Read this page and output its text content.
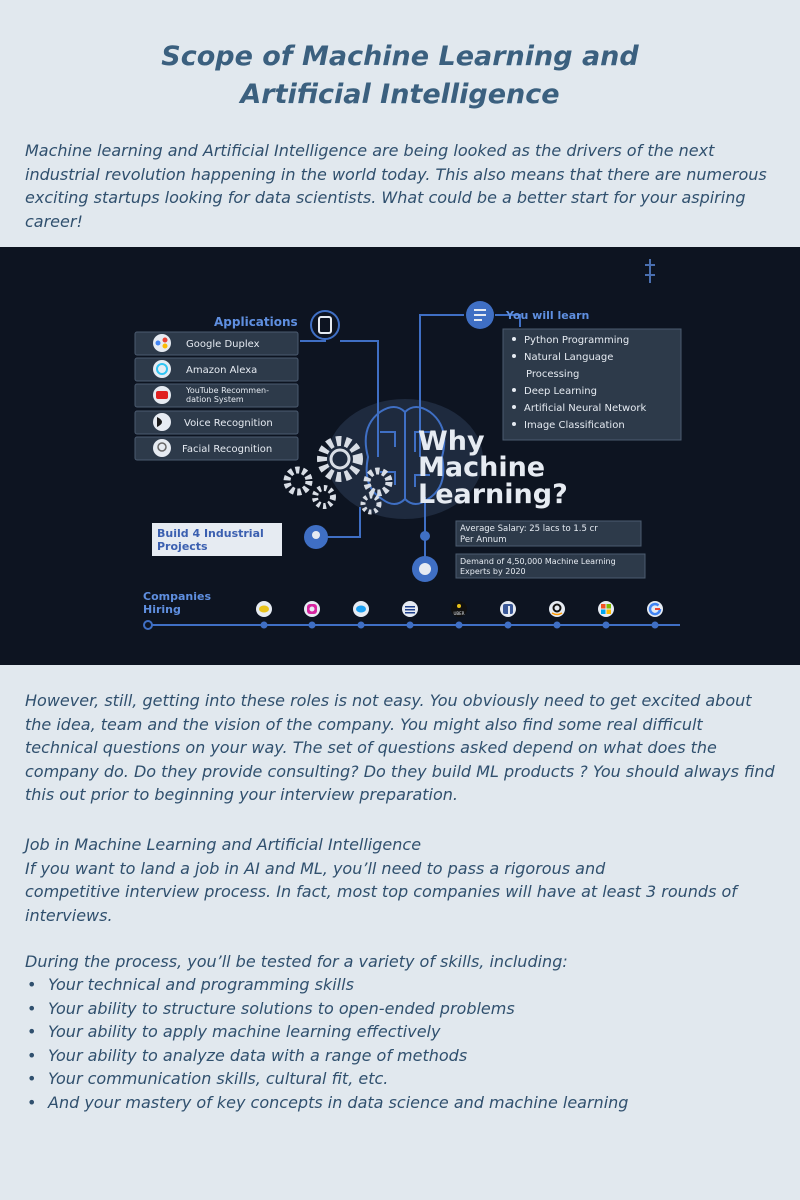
Scope of Machine Learning and
Artificial Intelligence

Machine learning and Artificial Intelligence are being looked as the drivers of the next industrial revolution happening in the world today. This also means that there are numerous exciting startups looking for data scientists. What could be a better start for your aspiring career!

Applications
Google Duplex
Amazon Alexa
YouTube Recommen-
dation System
Voice Recognition
Facial Recognition
You will learn
Python Programming
Natural Language
Processing
Deep Learning
Artificial Neural Network
Image Classification
Why
Machine
Learning?
Build 4 Industrial
Projects
Average Salary: 25 lacs to 1.5 cr
Per Annum
Demand of 4,50,000 Machine Learning
Experts by 2020
Companies
Hiring	UBER

However, still, getting into these roles is not easy. You obviously need to get excited about the idea, team and the vision of the company. You might also find some real difficult technical questions on your way. The set of questions asked depend on what does the company do. Do they provide consulting? Do they build ML products ? You should always find this out prior to beginning your interview preparation.

Job in Machine Learning and Artificial Intelligence
If you want to land a job in AI and ML, you’ll need to pass a rigorous and
competitive interview process. In fact, most top companies will have at least 3 rounds of interviews.

During the process, you’ll be tested for a variety of skills, including:

• Your technical and programming skills
• Your ability to structure solutions to open-ended problems
• Your ability to apply machine learning effectively
• Your ability to analyze data with a range of methods
• Your communication skills, cultural fit, etc.
• And your mastery of key concepts in data science and machine learning
